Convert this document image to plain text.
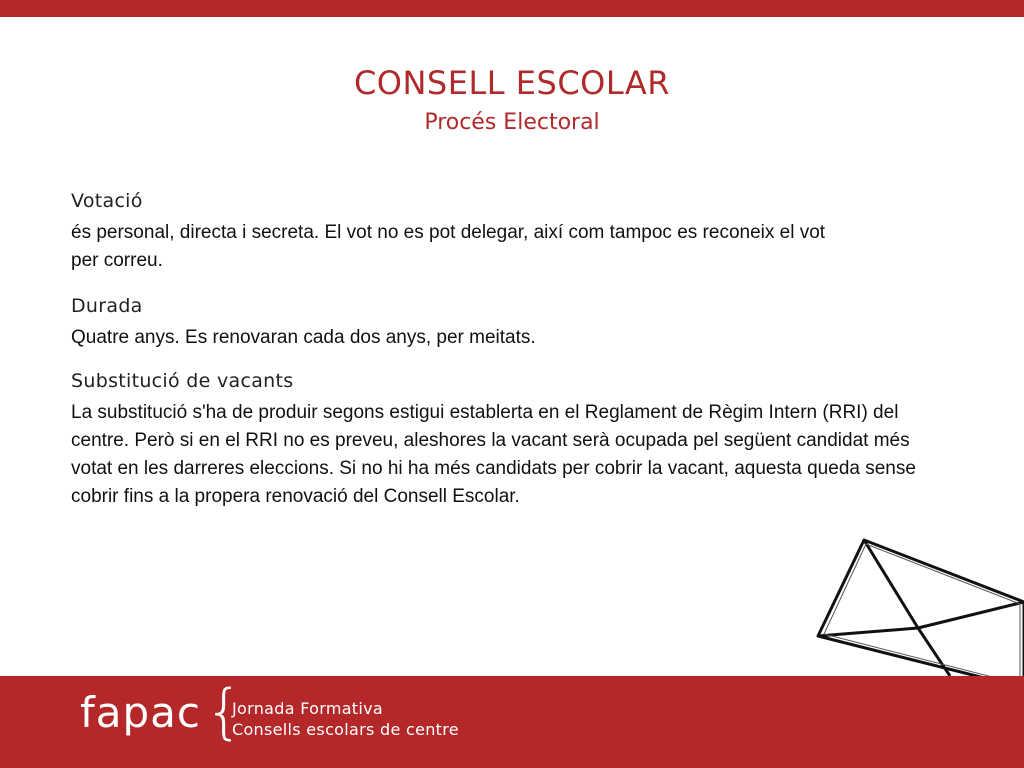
CONSELL ESCOLAR
Procés Electoral
Votació

és personal, directa i secreta. El vot no es pot delegar, així com tampoc es reconeix el vot per correu.

Durada

Quatre anys. Es renovaran cada dos anys, per meitats.

Substitució de vacants

La substitució s'ha de produir segons estigui establerta en el Reglament de Règim Intern (RRI) del centre. Però si en el RRI no es preveu, aleshores la vacant serà ocupada pel següent candidat més votat en les darreres eleccions. Si no hi ha més candidats per cobrir la vacant, aquesta queda sense cobrir fins a la propera renovació del Consell Escolar.

fapac {
Jornada Formativa
Consells escolars de centre
